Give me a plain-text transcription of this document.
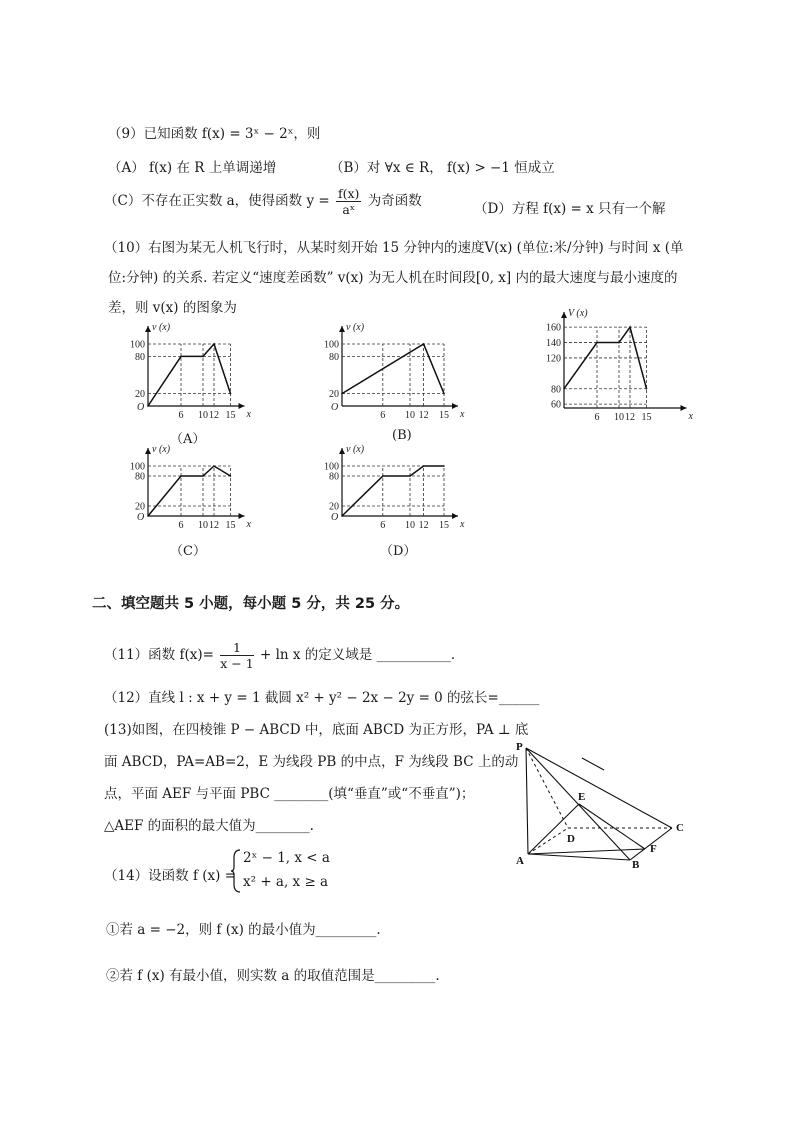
（9）已知函数 f(x) = 3ˣ − 2ˣ，则
（A） f(x) 在 R 上单调递增	（B）对 ∀x ∈ R， f(x) > −1 恒成立
（C）不存在正实数 a，使得函数 $y = \frac{f(x)}{\text{aˣ}}$ 为奇函数	（D）方程 f(x) = x 只有一个解
（10）右图为某无人机飞行时，从某时刻开始 15 分钟内的速度V(x) (单位:米/分钟) 与时间 x (单
位:分钟) 的关系. 若定义“速度差函数” v(x) 为无人机在时间段[0, x] 内的最大速度与最小速度的
差，则 v(x) 的图象为
x
V (x)
160
140
120
80
60
6 10 12 15
x
v (x)
O
100
80
20
6 10 12 15	x
v (x)
O
100
80
20
6 10 12 15
x
v (x)
O
100
80
20
6 10 12 15	x
v (x)
O
100
80
20
6 10 12 15
（A）	(B)
（C）	（D）
二、填空题共 5 小题，每小题 5 分，共 25 分。
（11）函数 $f(x)= \frac{1}{x - 1} + \ln x$ 的定义域是 ___________.
（12）直线 l : x + y = 1 截圆 x² + y² − 2x − 2y = 0 的弦长=______
(13)如图，在四棱锥 P − ABCD 中，底面 ABCD 为正方形，PA ⊥ 底
面 ABCD，PA=AB=2，E 为线段 PB 的中点，F 为线段 BC 上的动
点，平面 AEF 与平面 PBC ________(填“垂直”或“不垂直”)；
△AEF 的面积的最大值为________.
P
E
D
C
A	B
F
（14）设函数 f (x) =
2ˣ − 1, x < a
x² + a, x ≥ a
①若 a = −2，则 f (x) 的最小值为_________.
②若 f (x) 有最小值，则实数 a 的取值范围是_________.
